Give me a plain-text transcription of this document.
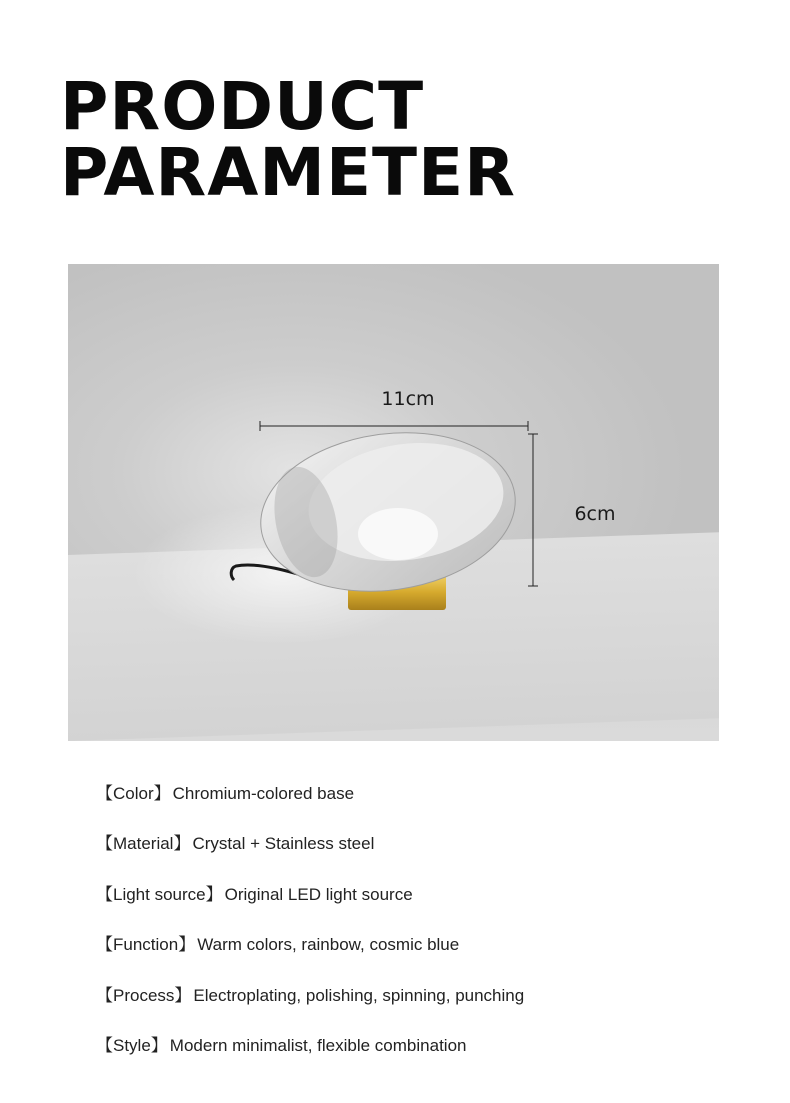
PRODUCT
PARAMETER
11cm
6cm
【Color】 Chromium-colored base
【Material】 Crystal + Stainless steel
【Light source】 Original LED light source
【Function】 Warm colors, rainbow, cosmic blue
【Process】 Electroplating, polishing, spinning, punching
【Style】 Modern minimalist, flexible combination
